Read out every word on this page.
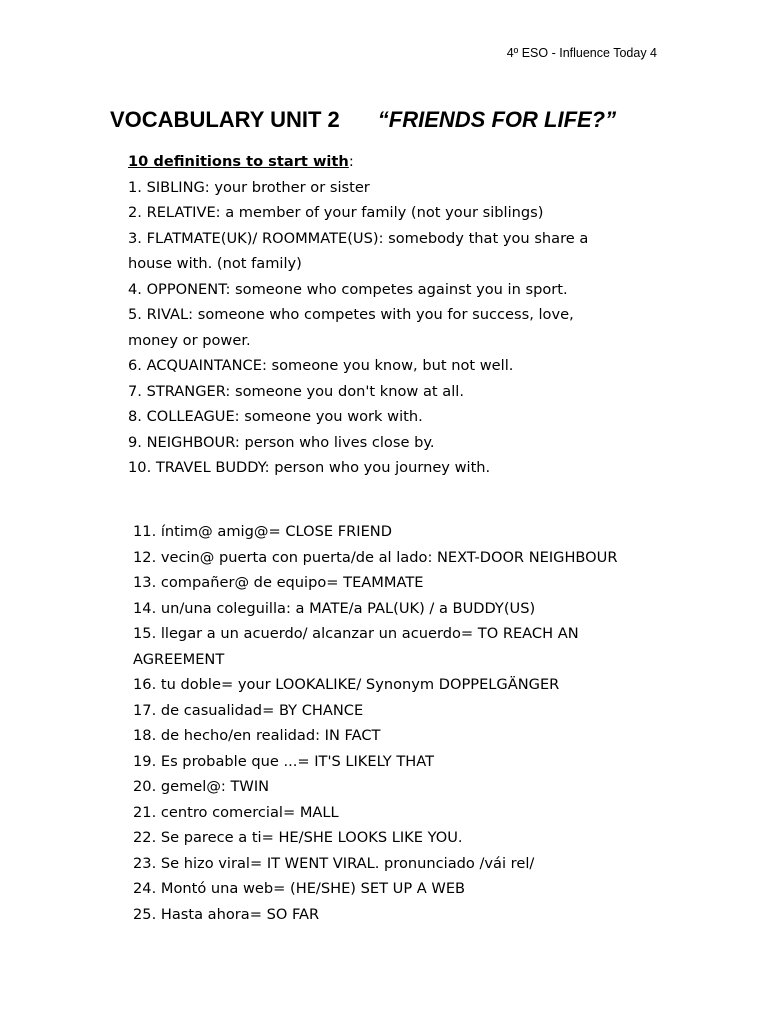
4º ESO - Influence Today 4
VOCABULARY UNIT 2 “FRIENDS FOR LIFE?”
10 definitions to start with:
1. SIBLING: your brother or sister
2. RELATIVE: a member of your family (not your siblings)
3. FLATMATE(UK)/ ROOMMATE(US): somebody that you share a
house with. (not family)
4. OPPONENT: someone who competes against you in sport.
5. RIVAL: someone who competes with you for success, love,
money or power.
6. ACQUAINTANCE: someone you know, but not well.
7. STRANGER: someone you don't know at all.
8. COLLEAGUE: someone you work with.
9. NEIGHBOUR: person who lives close by.
10. TRAVEL BUDDY: person who you journey with.
11. íntim@ amig@= CLOSE FRIEND
12. vecin@ puerta con puerta/de al lado: NEXT-DOOR NEIGHBOUR
13. compañer@ de equipo= TEAMMATE
14. un/una coleguilla: a MATE/a PAL(UK) / a BUDDY(US)
15. llegar a un acuerdo/ alcanzar un acuerdo= TO REACH AN
AGREEMENT
16. tu doble= your LOOKALIKE/ Synonym DOPPELGÄNGER
17. de casualidad= BY CHANCE
18. de hecho/en realidad: IN FACT
19. Es probable que ...= IT'S LIKELY THAT
20. gemel@: TWIN
21. centro comercial= MALL
22. Se parece a ti= HE/SHE LOOKS LIKE YOU.
23. Se hizo viral= IT WENT VIRAL. pronunciado /vái rel/
24. Montó una web= (HE/SHE) SET UP A WEB
25. Hasta ahora= SO FAR
